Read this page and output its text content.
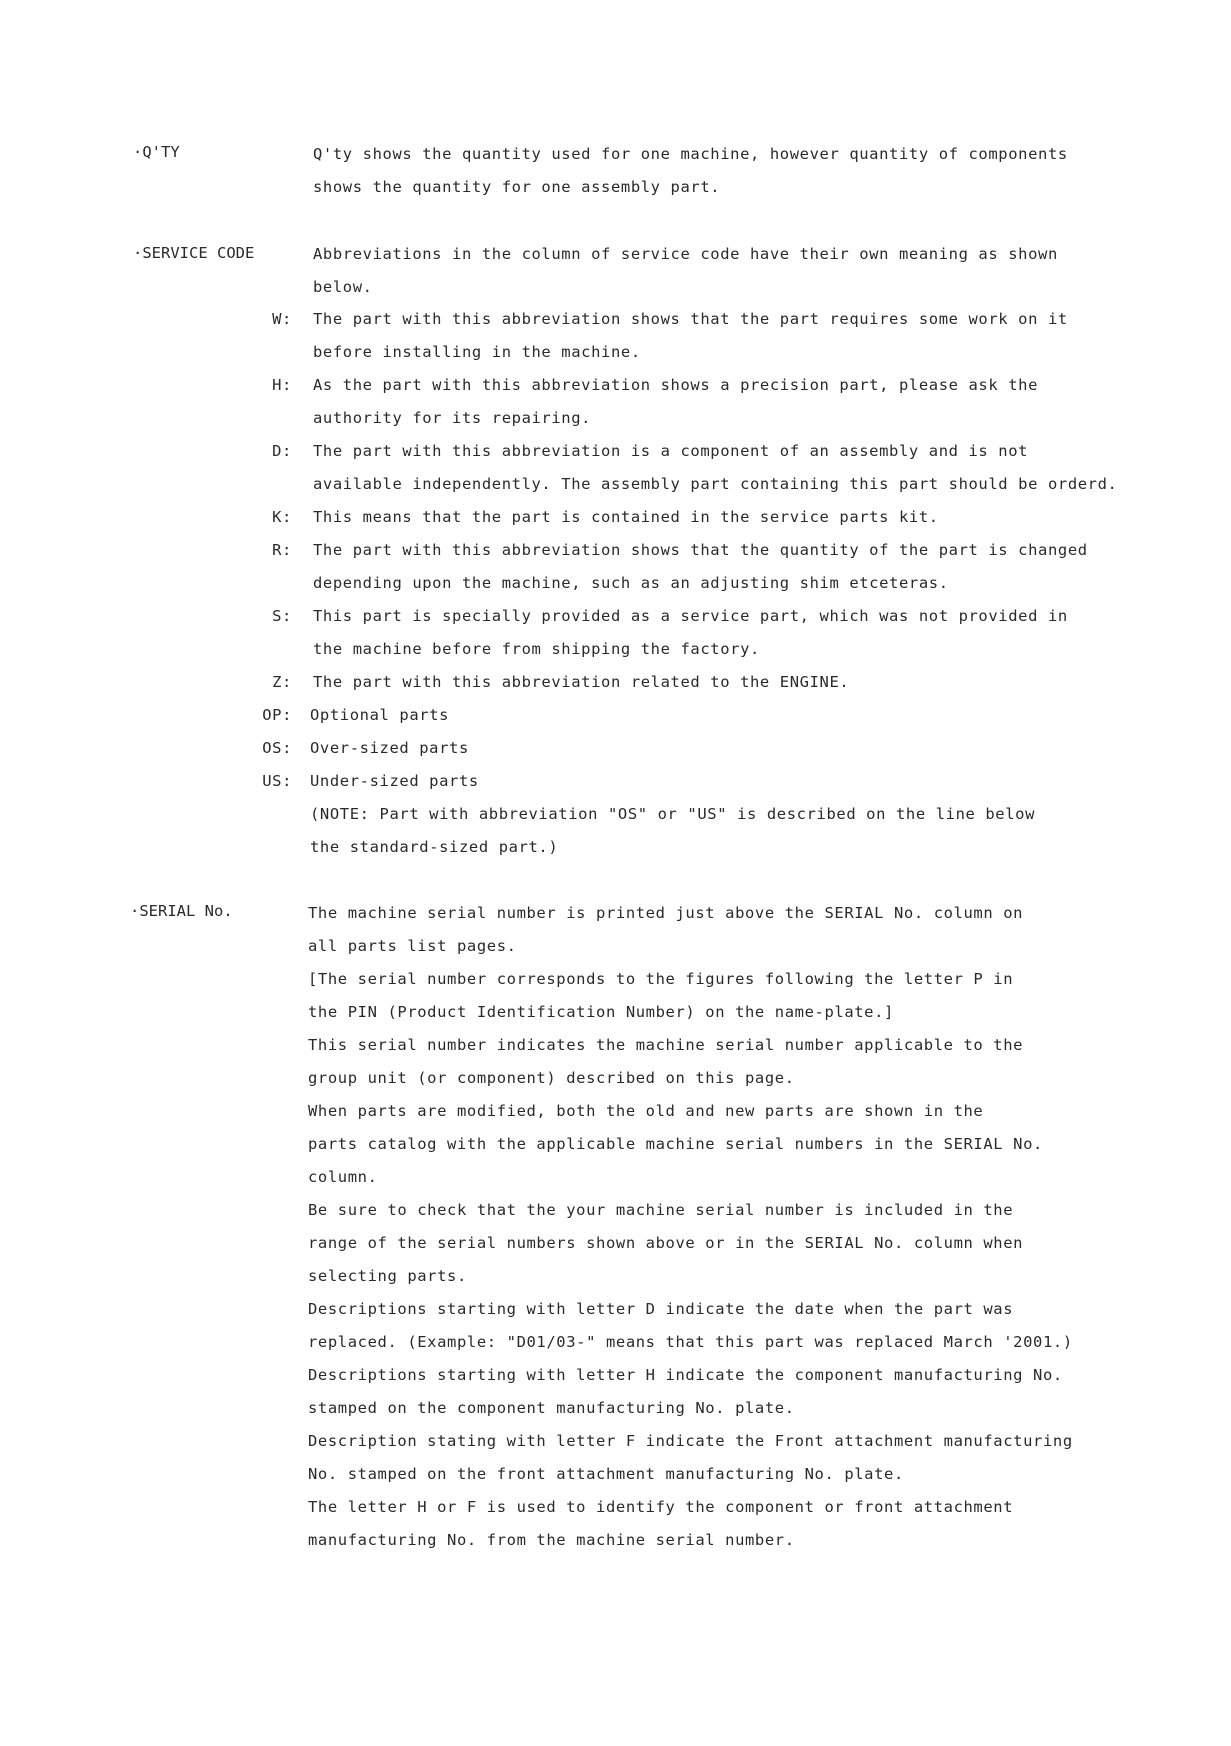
·Q'TY	Q'ty shows the quantity used for one machine, however quantity of components
shows the quantity for one assembly part.
·SERVICE CODE	Abbreviations in the column of service code have their own meaning as shown
below.
W: The part with this abbreviation shows that the part requires some work on it
before installing in the machine.
H: As the part with this abbreviation shows a precision part, please ask the
authority for its repairing.
D: The part with this abbreviation is a component of an assembly and is not
available independently. The assembly part containing this part should be orderd.
K: This means that the part is contained in the service parts kit.
R: The part with this abbreviation shows that the quantity of the part is changed
depending upon the machine, such as an adjusting shim etceteras.
S: This part is specially provided as a service part, which was not provided in
the machine before from shipping the factory.
Z: The part with this abbreviation related to the ENGINE.
OP: Optional parts
OS: Over-sized parts
US: Under-sized parts
(NOTE: Part with abbreviation "OS" or "US" is described on the line below
the standard-sized part.)
·SERIAL No.	The machine serial number is printed just above the SERIAL No. column on
all parts list pages.
[The serial number corresponds to the figures following the letter P in
the PIN (Product Identification Number) on the name-plate.]
This serial number indicates the machine serial number applicable to the
group unit (or component) described on this page.
When parts are modified, both the old and new parts are shown in the
parts catalog with the applicable machine serial numbers in the SERIAL No.
column.
Be sure to check that the your machine serial number is included in the
range of the serial numbers shown above or in the SERIAL No. column when
selecting parts.
Descriptions starting with letter D indicate the date when the part was
replaced. (Example: "D01/03-" means that this part was replaced March '2001.)
Descriptions starting with letter H indicate the component manufacturing No.
stamped on the component manufacturing No. plate.
Description stating with letter F indicate the Front attachment manufacturing
No. stamped on the front attachment manufacturing No. plate.
The letter H or F is used to identify the component or front attachment
manufacturing No. from the machine serial number.
